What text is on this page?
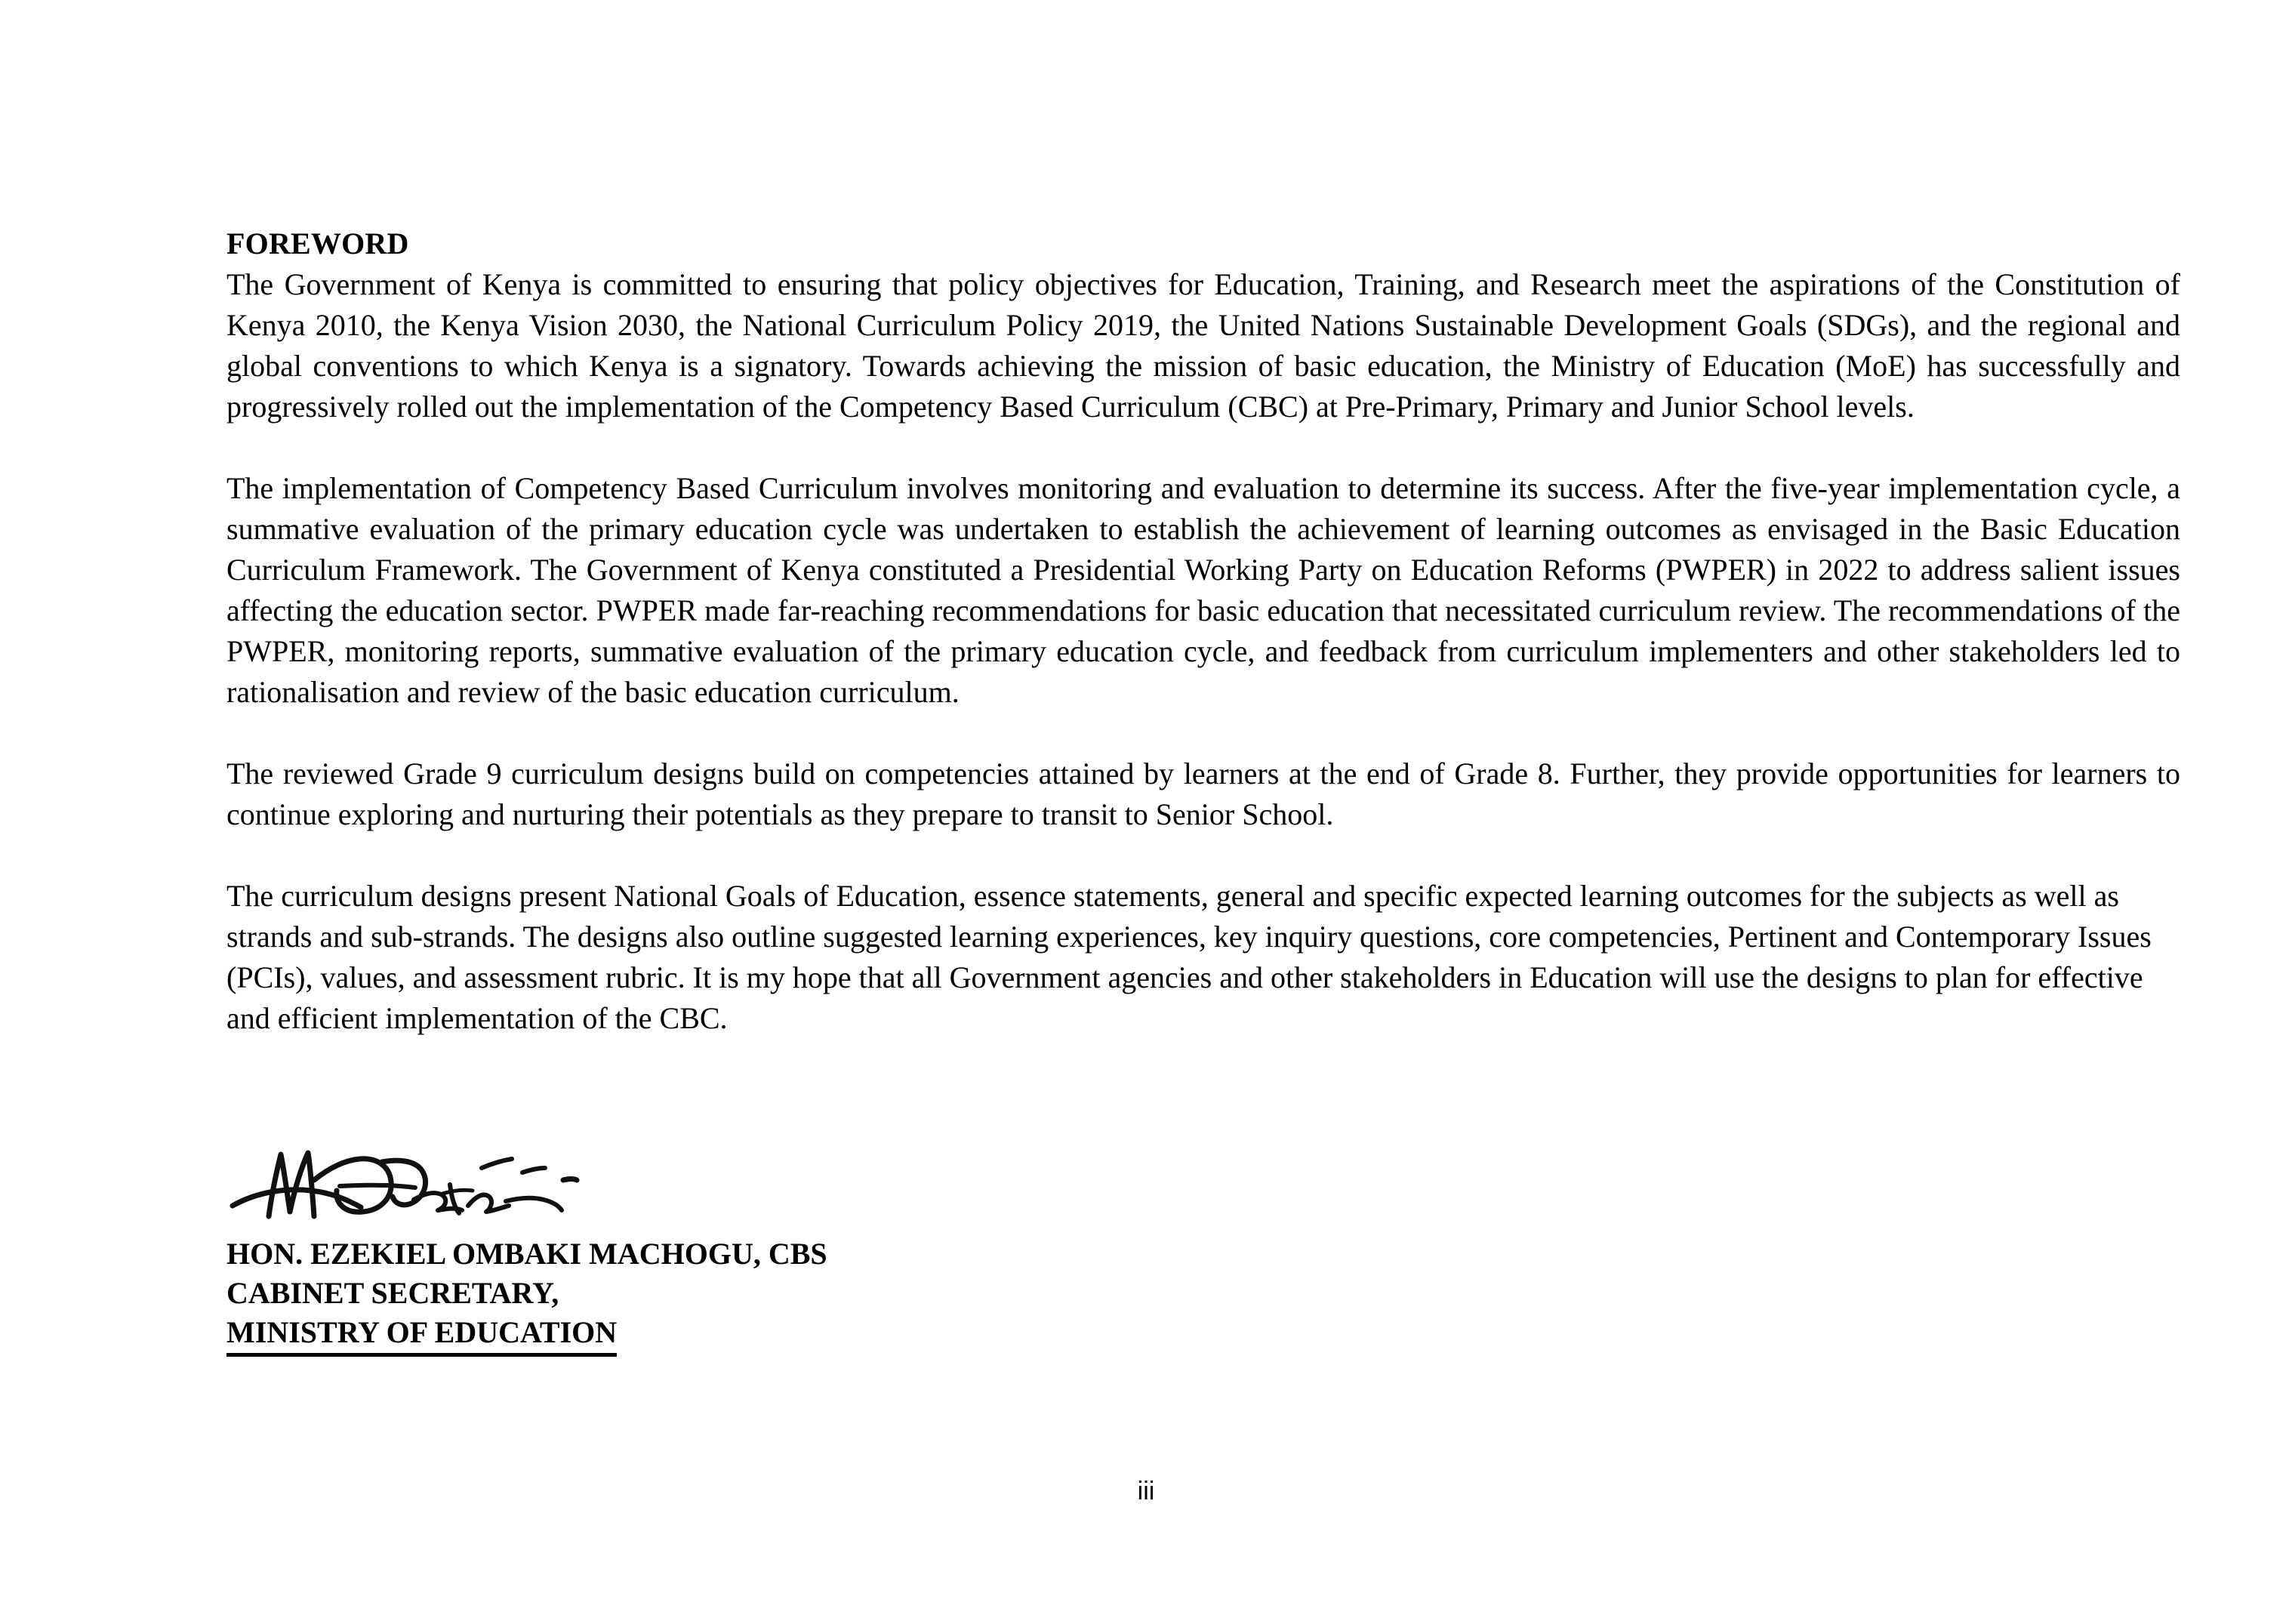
FOREWORD

The Government of Kenya is committed to ensuring that policy objectives for Education, Training, and Research meet the aspirations of the Constitution of Kenya 2010, the Kenya Vision 2030, the National Curriculum Policy 2019, the United Nations Sustainable Development Goals (SDGs), and the regional and global conventions to which Kenya is a signatory. Towards achieving the mission of basic education, the Ministry of Education (MoE) has successfully and progressively rolled out the implementation of the Competency Based Curriculum (CBC) at Pre-Primary, Primary and Junior School levels.

The implementation of Competency Based Curriculum involves monitoring and evaluation to determine its success. After the five-year implementation cycle, a summative evaluation of the primary education cycle was undertaken to establish the achievement of learning outcomes as envisaged in the Basic Education Curriculum Framework. The Government of Kenya constituted a Presidential Working Party on Education Reforms (PWPER) in 2022 to address salient issues affecting the education sector. PWPER made far-reaching recommendations for basic education that necessitated curriculum review. The recommendations of the PWPER, monitoring reports, summative evaluation of the primary education cycle, and feedback from curriculum implementers and other stakeholders led to rationalisation and review of the basic education curriculum.

The reviewed Grade 9 curriculum designs build on competencies attained by learners at the end of Grade 8. Further, they provide opportunities for learners to continue exploring and nurturing their potentials as they prepare to transit to Senior School.

The curriculum designs present National Goals of Education, essence statements, general and specific expected learning outcomes for the subjects as well as strands and sub-strands. The designs also outline suggested learning experiences, key inquiry questions, core competencies, Pertinent and Contemporary Issues (PCIs), values, and assessment rubric. It is my hope that all Government agencies and other stakeholders in Education will use the designs to plan for effective and efficient implementation of the CBC.

HON. EZEKIEL OMBAKI MACHOGU, CBS
CABINET SECRETARY,
MINISTRY OF EDUCATION
iii
